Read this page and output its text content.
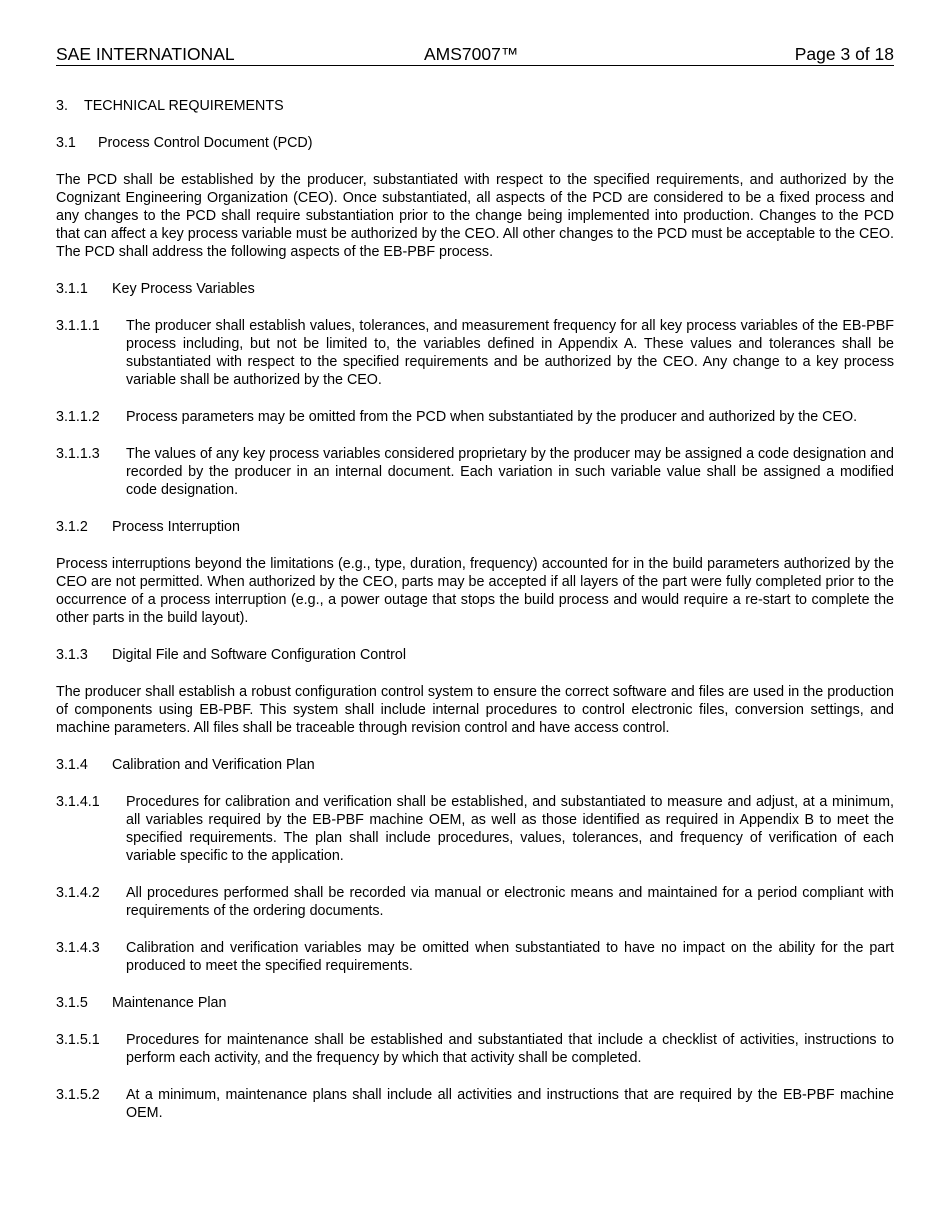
SAE INTERNATIONAL	AMS7007™	Page 3 of 18
3.	TECHNICAL REQUIREMENTS
3.1	Process Control Document (PCD)

The PCD shall be established by the producer, substantiated with respect to the specified requirements, and authorized by the Cognizant Engineering Organization (CEO). Once substantiated, all aspects of the PCD are considered to be a fixed process and any changes to the PCD shall require substantiation prior to the change being implemented into production. Changes to the PCD that can affect a key process variable must be authorized by the CEO. All other changes to the PCD must be acceptable to the CEO. The PCD shall address the following aspects of the EB-PBF process.

3.1.1	Key Process Variables
3.1.1.1	The producer shall establish values, tolerances, and measurement frequency for all key process variables of the EB-PBF process including, but not be limited to, the variables defined in Appendix A. These values and tolerances shall be substantiated with respect to the specified requirements and be authorized by the CEO. Any change to a key process variable shall be authorized by the CEO.
3.1.1.2	Process parameters may be omitted from the PCD when substantiated by the producer and authorized by the CEO.
3.1.1.3	The values of any key process variables considered proprietary by the producer may be assigned a code designation and recorded by the producer in an internal document. Each variation in such variable value shall be assigned a modified code designation.
3.1.2	Process Interruption

Process interruptions beyond the limitations (e.g., type, duration, frequency) accounted for in the build parameters authorized by the CEO are not permitted. When authorized by the CEO, parts may be accepted if all layers of the part were fully completed prior to the occurrence of a process interruption (e.g., a power outage that stops the build process and would require a re-start to complete the other parts in the build layout).

3.1.3	Digital File and Software Configuration Control

The producer shall establish a robust configuration control system to ensure the correct software and files are used in the production of components using EB-PBF. This system shall include internal procedures to control electronic files, conversion settings, and machine parameters. All files shall be traceable through revision control and have access control.

3.1.4	Calibration and Verification Plan
3.1.4.1	Procedures for calibration and verification shall be established, and substantiated to measure and adjust, at a minimum, all variables required by the EB-PBF machine OEM, as well as those identified as required in Appendix B to meet the specified requirements. The plan shall include procedures, values, tolerances, and frequency of verification of each variable specific to the application.
3.1.4.2	All procedures performed shall be recorded via manual or electronic means and maintained for a period compliant with requirements of the ordering documents.
3.1.4.3	Calibration and verification variables may be omitted when substantiated to have no impact on the ability for the part produced to meet the specified requirements.
3.1.5	Maintenance Plan
3.1.5.1	Procedures for maintenance shall be established and substantiated that include a checklist of activities, instructions to perform each activity, and the frequency by which that activity shall be completed.
3.1.5.2	At a minimum, maintenance plans shall include all activities and instructions that are required by the EB-PBF machine OEM.
